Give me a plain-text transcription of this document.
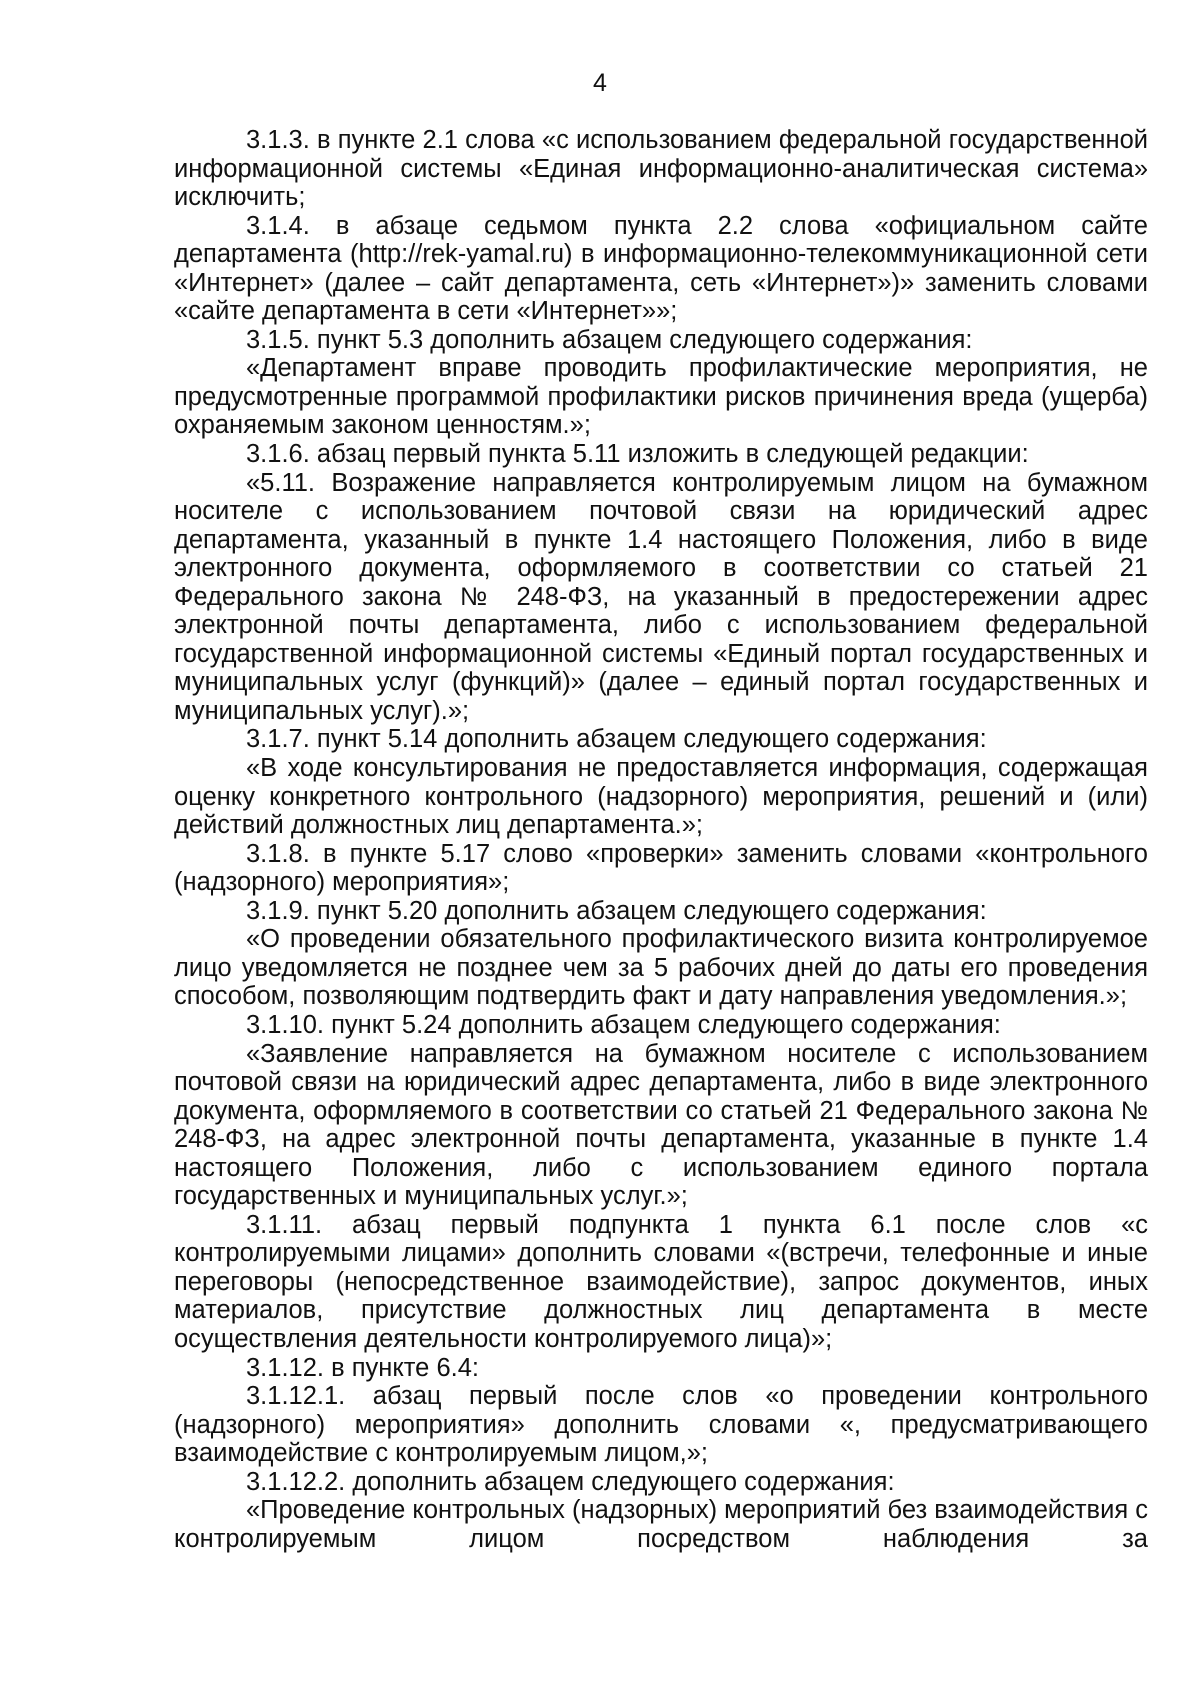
4

3.1.3. в пункте 2.1 слова «с использованием федеральной государственной информационной системы «Единая информационно-аналитическая система» исключить;

3.1.4. в абзаце седьмом пункта 2.2 слова «официальном сайте департамента (http://rek-yamal.ru) в информационно-телекоммуникационной сети «Интернет» (далее – сайт департамента, сеть «Интернет»)» заменить словами «сайте департамента в сети «Интернет»»;

3.1.5. пункт 5.3 дополнить абзацем следующего содержания:

«Департамент вправе проводить профилактические мероприятия, не предусмотренные программой профилактики рисков причинения вреда (ущерба) охраняемым законом ценностям.»;

3.1.6. абзац первый пункта 5.11 изложить в следующей редакции:

«5.11. Возражение направляется контролируемым лицом на бумажном носителе с использованием почтовой связи на юридический адрес департамента, указанный в пункте 1.4 настоящего Положения, либо в виде электронного документа, оформляемого в соответствии со статьей 21 Федерального закона № 248-ФЗ, на указанный в предостережении адрес электронной почты департамента, либо с использованием федеральной государственной информационной системы «Единый портал государственных и муниципальных услуг (функций)» (далее – единый портал государственных и муниципальных услуг).»;

3.1.7. пункт 5.14 дополнить абзацем следующего содержания:

«В ходе консультирования не предоставляется информация, содержащая оценку конкретного контрольного (надзорного) мероприятия, решений и (или) действий должностных лиц департамента.»;

3.1.8. в пункте 5.17 слово «проверки» заменить словами «контрольного (надзорного) мероприятия»;

3.1.9. пункт 5.20 дополнить абзацем следующего содержания:

«О проведении обязательного профилактического визита контролируемое лицо уведомляется не позднее чем за 5 рабочих дней до даты его проведения способом, позволяющим подтвердить факт и дату направления уведомления.»;

3.1.10. пункт 5.24 дополнить абзацем следующего содержания:

«Заявление направляется на бумажном носителе с использованием почтовой связи на юридический адрес департамента, либо в виде электронного документа, оформляемого в соответствии со статьей 21 Федерального закона № 248-ФЗ, на адрес электронной почты департамента, указанные в пункте 1.4 настоящего Положения, либо с использованием единого портала государственных и муниципальных услуг.»;

3.1.11. абзац первый подпункта 1 пункта 6.1 после слов «с контролируемыми лицами» дополнить словами «(встречи, телефонные и иные переговоры (непосредственное взаимодействие), запрос документов, иных материалов, присутствие должностных лиц департамента в месте осуществления деятельности контролируемого лица)»;

3.1.12. в пункте 6.4:

3.1.12.1. абзац первый после слов «о проведении контрольного (надзорного) мероприятия» дополнить словами «, предусматривающего взаимодействие с контролируемым лицом,»;

3.1.12.2. дополнить абзацем следующего содержания:

«Проведение контрольных (надзорных) мероприятий без взаимодействия с контролируемым лицом посредством наблюдения за
